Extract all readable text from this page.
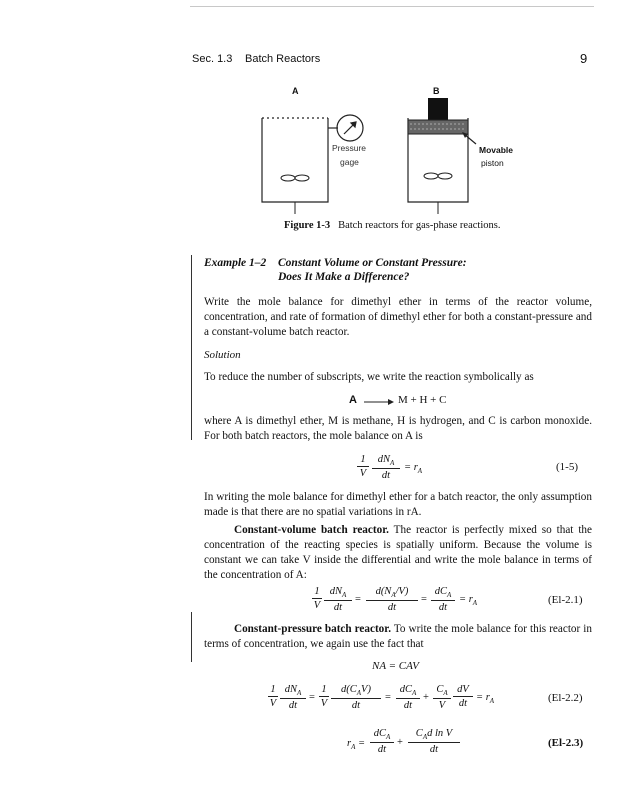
Sec. 1.3 Batch Reactors	9
A	B
Pressure
gage
Movable
piston
Figure 1-3 Batch reactors for gas-phase reactions.
Example 1–2 Constant Volume or Constant Pressure:
Does It Make a Difference?
Write the mole balance for dimethyl ether in terms of the reactor volume, concentration, and rate of formation of dimethyl ether for both a constant-pressure and a constant-volume batch reactor.
Solution
To reduce the number of subscripts, we write the reaction symbolically as
A → M + H + C
where A is dimethyl ether, M is methane, H is hydrogen, and C is carbon monoxide. For both batch reactors, the mole balance on A is
1
V
$dN_A$
dt
= $r_A$	(1-5)
In writing the mole balance for dimethyl ether for a batch reactor, the only assumption made is that there are no spatial variations in rA.
Constant-volume batch reactor. The reactor is perfectly mixed so that the concentration of the reacting species is spatially uniform. Because the volume is constant we can take V inside the differential and write the mole balance in terms of the concentration of A:
1
V
$dN_A$
dt
=
$d(N_A/V)$
dt
=
$dC_A$
dt
= $r_A$	(El-2.1)
Constant-pressure batch reactor. To write the mole balance for this reactor in terms of concentration, we again use the fact that
NA = CAV
1
V
$dN_A$
dt
=
1
V
$d(C_AV)$
dt
=
$dC_A$
dt
+
$C_A$
V
dV
dt
= $r_A$	(El-2.2)
$r_A$ =
$dC_A$
dt
+
$C_Ad$ ln V
dt
(El-2.3)
